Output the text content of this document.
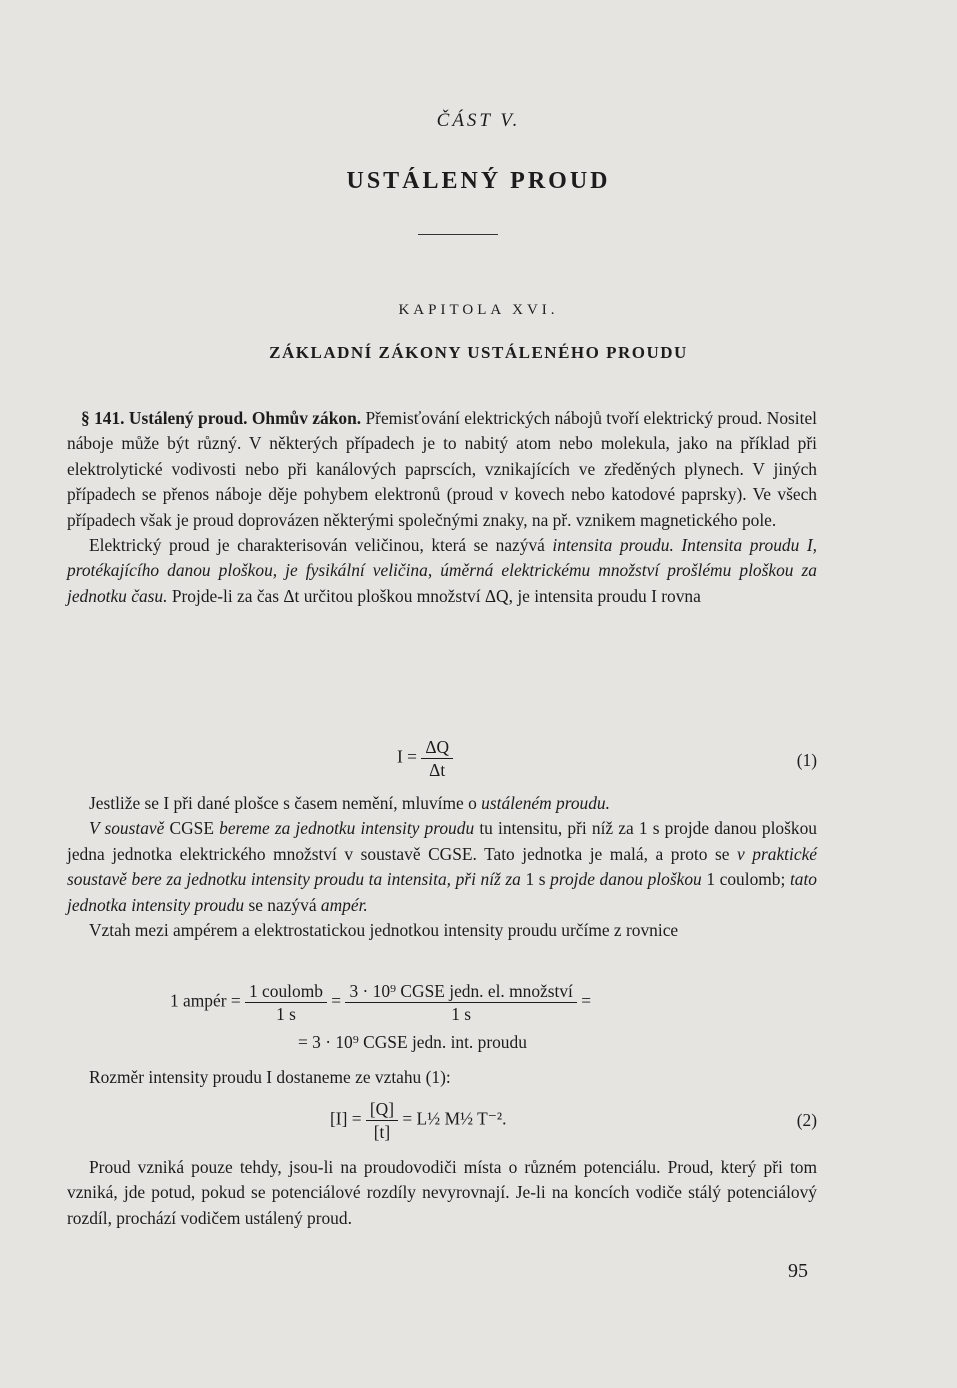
ČÁST V.
USTÁLENÝ PROUD
KAPITOLA XVI.
ZÁKLADNÍ ZÁKONY USTÁLENÉHO PROUDU

§ 141. Ustálený proud. Ohmův zákon. Přemisťování elektrických nábojů tvoří elektrický proud. Nositel náboje může být různý. V některých případech je to nabitý atom nebo molekula, jako na příklad při elektrolytické vodivosti nebo při kanálových paprscích, vznikajících ve zředěných plynech. V jiných případech se přenos náboje děje pohybem elektronů (proud v kovech nebo katodové paprsky). Ve všech případech však je proud doprovázen některými společnými znaky, na př. vznikem magnetického pole.

Elektrický proud je charakterisován veličinou, která se nazývá intensita proudu. Intensita proudu I, protékajícího danou ploškou, je fysikální veličina, úměrná elektrickému množství prošlému ploškou za jednotku času. Projde-li za čas Δt určitou ploškou množství ΔQ, je intensita proudu I rovna

$I = \frac{\Delta Q}{\Delta t}$	(1)

Jestliže se I při dané plošce s časem nemění, mluvíme o ustáleném proudu.

V soustavě CGSE bereme za jednotku intensity proudu tu intensitu, při níž za 1 s projde danou ploškou jedna jednotka elektrického množství v soustavě CGSE. Tato jednotka je malá, a proto se v praktické soustavě bere za jednotku intensity proudu ta intensita, při níž za 1 s projde danou ploškou 1 coulomb; tato jednotka intensity proudu se nazývá ampér.

Vztah mezi ampérem a elektrostatickou jednotkou intensity proudu určíme z rovnice

1 ampér = $\frac{\text{1 coulomb}}{1 s} = \frac{\text{3 · 10⁹ CGSE jedn. el. množství}}{1 s}$ =
= 3 · 10⁹ CGSE jedn. int. proudu

Rozměr intensity proudu I dostaneme ze vztahu (1):

$[I] = \frac{[Q]}{[t]}$ = L½ M½ T⁻².	(2)

Proud vzniká pouze tehdy, jsou-li na proudovodiči místa o různém potenciálu. Proud, který při tom vzniká, jde potud, pokud se potenciálové rozdíly nevyrovnají. Je-li na koncích vodiče stálý potenciálový rozdíl, prochází vodičem ustálený proud.

95
